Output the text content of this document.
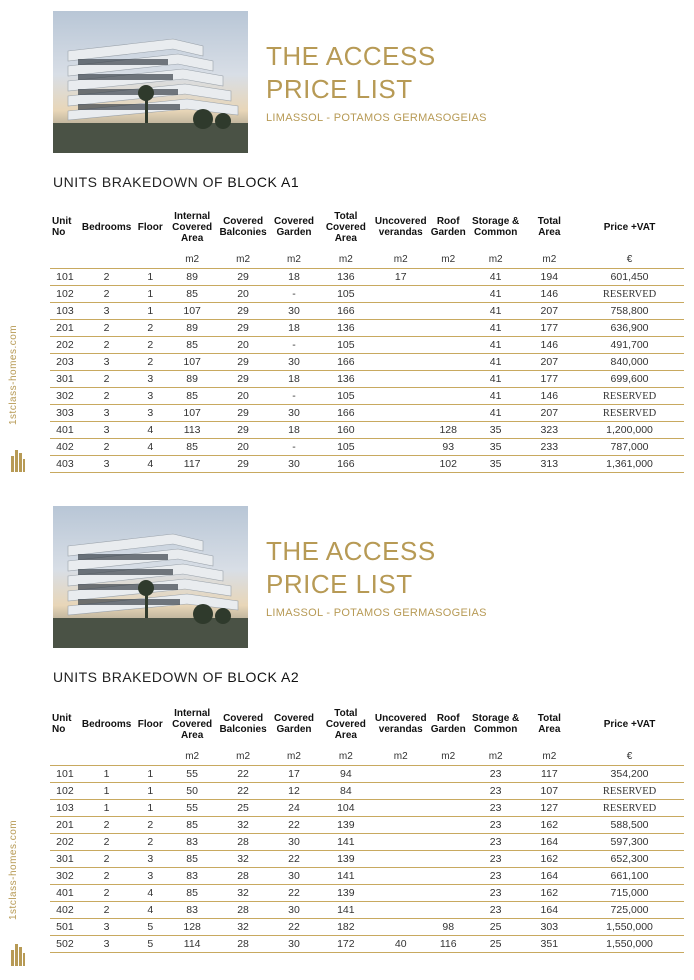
THE ACCESS
PRICE LIST
LIMASSOL - POTAMOS GERMASOGEIAS
UNITS BRAKEDOWN OF BLOCK A1
Unit No	Bedrooms	Floor	Internal Covered Area	Covered Balconies	Covered Garden	Total Covered Area	Uncovered verandas	Roof Garden	Storage & Common	Total Area	Price +VAT
			m2	m2	m2	m2	m2	m2	m2	m2	€
101	2	1	89	29	18	136	17		41	194	601,450
102	2	1	85	20	-	105			41	146	RESERVED
103	3	1	107	29	30	166			41	207	758,800
201	2	2	89	29	18	136			41	177	636,900
202	2	2	85	20	-	105			41	146	491,700
203	3	2	107	29	30	166			41	207	840,000
301	2	3	89	29	18	136			41	177	699,600
302	2	3	85	20	-	105			41	146	RESERVED
303	3	3	107	29	30	166			41	207	RESERVED
401	3	4	113	29	18	160		128	35	323	1,200,000
402	2	4	85	20	-	105		93	35	233	787,000
403	3	4	117	29	30	166		102	35	313	1,361,000
THE ACCESS
PRICE LIST
LIMASSOL - POTAMOS GERMASOGEIAS
UNITS BRAKEDOWN OF BLOCK A2
Unit No	Bedrooms	Floor	Internal Covered Area	Covered Balconies	Covered Garden	Total Covered Area	Uncovered verandas	Roof Garden	Storage & Common	Total Area	Price +VAT
			m2	m2	m2	m2	m2	m2	m2	m2	€
101	1	1	55	22	17	94			23	117	354,200
102	1	1	50	22	12	84			23	107	RESERVED
103	1	1	55	25	24	104			23	127	RESERVED
201	2	2	85	32	22	139			23	162	588,500
202	2	2	83	28	30	141			23	164	597,300
301	2	3	85	32	22	139			23	162	652,300
302	2	3	83	28	30	141			23	164	661,100
401	2	4	85	32	22	139			23	162	715,000
402	2	4	83	28	30	141			23	164	725,000
501	3	5	128	32	22	182		98	25	303	1,550,000
502	3	5	114	28	30	172	40	116	25	351	1,550,000
1stclass-homes.com
1stclass-homes.com
